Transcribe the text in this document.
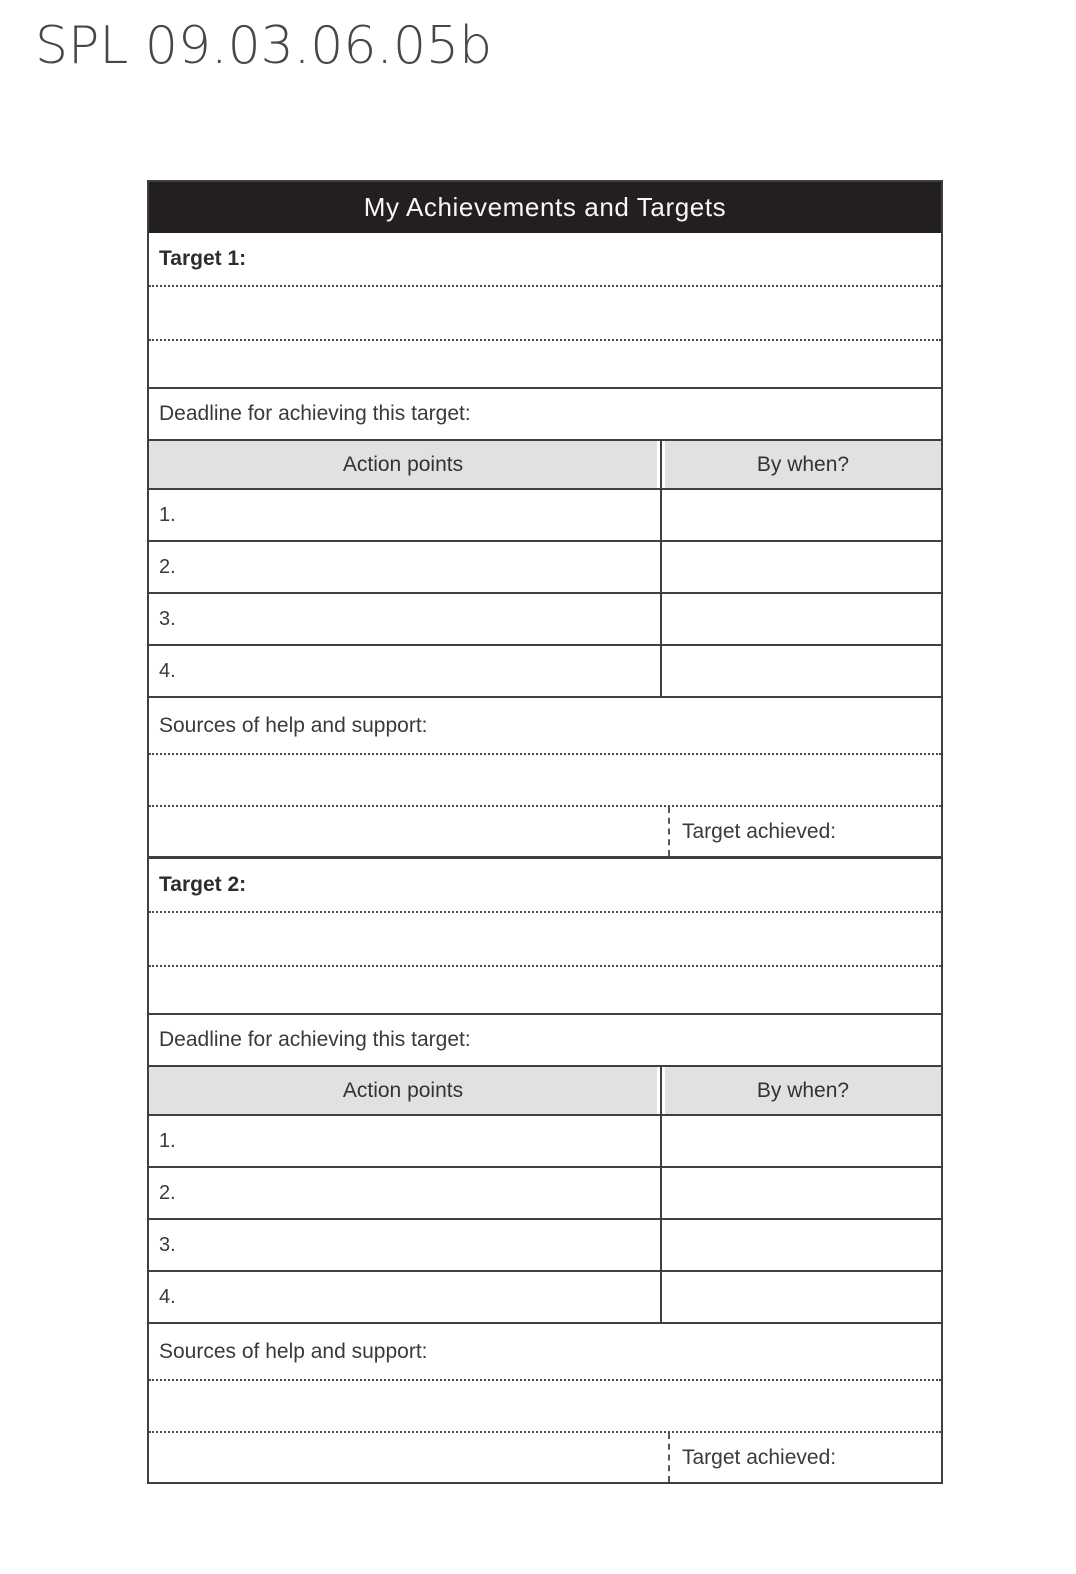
SPL 09.03.06.05b
My Achievements and Targets
Target 1:
Deadline for achieving this target:
Action points	By when?
1.
2.
3.
4.
Sources of help and support:
Target achieved:
Target 2:
Deadline for achieving this target:
Action points	By when?
1.
2.
3.
4.
Sources of help and support:
Target achieved:
